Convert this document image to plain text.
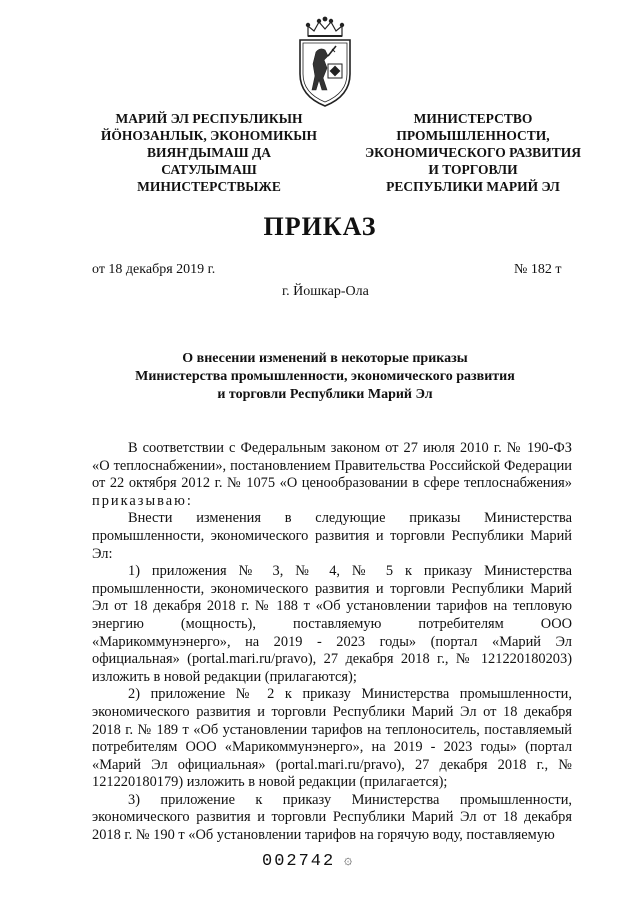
МАРИЙ ЭЛ РЕСПУБЛИКЫН
ЙӦНОЗАНЛЫК, ЭКОНОМИКЫН
ВИЯҤДЫМАШ ДА
САТУЛЫМАШ
МИНИСТЕРСТВЫЖЕ
МИНИСТЕРСТВО
ПРОМЫШЛЕННОСТИ,
ЭКОНОМИЧЕСКОГО РАЗВИТИЯ
И ТОРГОВЛИ
РЕСПУБЛИКИ МАРИЙ ЭЛ
ПРИКАЗ
от 18 декабря 2019 г.	№ 182 т
г. Йошкар-Ола
О внесении изменений в некоторые приказы
Министерства промышленности, экономического развития
и торговли Республики Марий Эл

В соответствии с Федеральным законом от 27 июля 2010 г. № 190-ФЗ «О теплоснабжении», постановлением Правительства Российской Федерации от 22 октября 2012 г. № 1075 «О ценообразовании в сфере теплоснабжения» приказываю:

Внести изменения в следующие приказы Министерства промышленности, экономического развития и торговли Республики Марий Эл:

1) приложения № 3, № 4, № 5 к приказу Министерства промышленности, экономического развития и торговли Республики Марий Эл от 18 декабря 2018 г. № 188 т «Об установлении тарифов на тепловую энергию (мощность), поставляемую потребителям ООО «Марикоммунэнерго», на 2019 - 2023 годы» (портал «Марий Эл официальная» (portal.mari.ru/pravo), 27 декабря 2018 г., № 121220180203) изложить в новой редакции (прилагаются);

2) приложение № 2 к приказу Министерства промышленности, экономического развития и торговли Республики Марий Эл от 18 декабря 2018 г. № 189 т «Об установлении тарифов на теплоноситель, поставляемый потребителям ООО «Марикоммунэнерго», на 2019 - 2023 годы» (портал «Марий Эл официальная» (portal.mari.ru/pravo), 27 декабря 2018 г., № 121220180179) изложить в новой редакции (прилагается);

3) приложение к приказу Министерства промышленности, экономического развития и торговли Республики Марий Эл от 18 декабря 2018 г. № 190 т «Об установлении тарифов на горячую воду, поставляемую

002742 ۞
